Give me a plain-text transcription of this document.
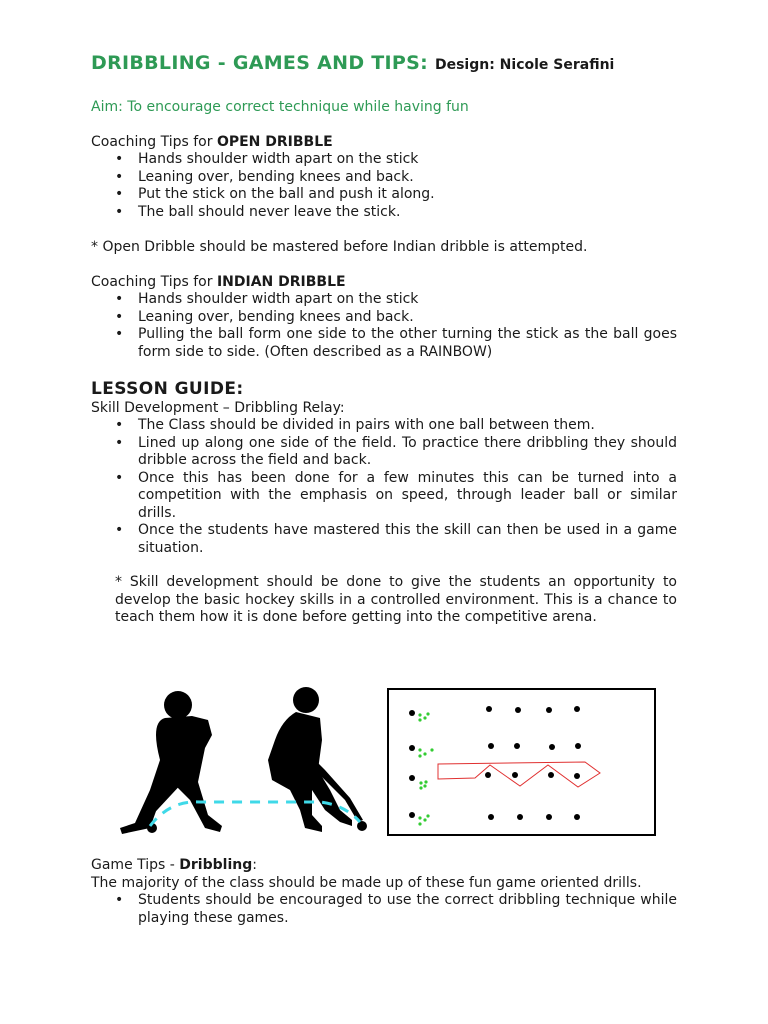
DRIBBLING - GAMES AND TIPS: Design: Nicole Serafini
Aim: To encourage correct technique while having fun

Coaching Tips for OPEN DRIBBLE

• Hands shoulder width apart on the stick
• Leaning over, bending knees and back.
• Put the stick on the ball and push it along.
• The ball should never leave the stick.

* Open Dribble should be mastered before Indian dribble is attempted.

Coaching Tips for INDIAN DRIBBLE

• Hands shoulder width apart on the stick
• Leaning over, bending knees and back.
• Pulling the ball form one side to the other turning the stick as the ball goes form side to side. (Often described as a RAINBOW)
LESSON GUIDE:

Skill Development – Dribbling Relay:

• The Class should be divided in pairs with one ball between them.
• Lined up along one side of the field. To practice there dribbling they should dribble across the field and back.
• Once this has been done for a few minutes this can be turned into a competition with the emphasis on speed, through leader ball or similar drills.
• Once the students have mastered this the skill can then be used in a game situation.
* Skill development should be done to give the students an opportunity to develop the basic hockey skills in a controlled environment. This is a chance to teach them how it is done before getting into the competitive arena.

Game Tips - Dribbling:

The majority of the class should be made up of these fun game oriented drills.

• Students should be encouraged to use the correct dribbling technique while playing these games.
